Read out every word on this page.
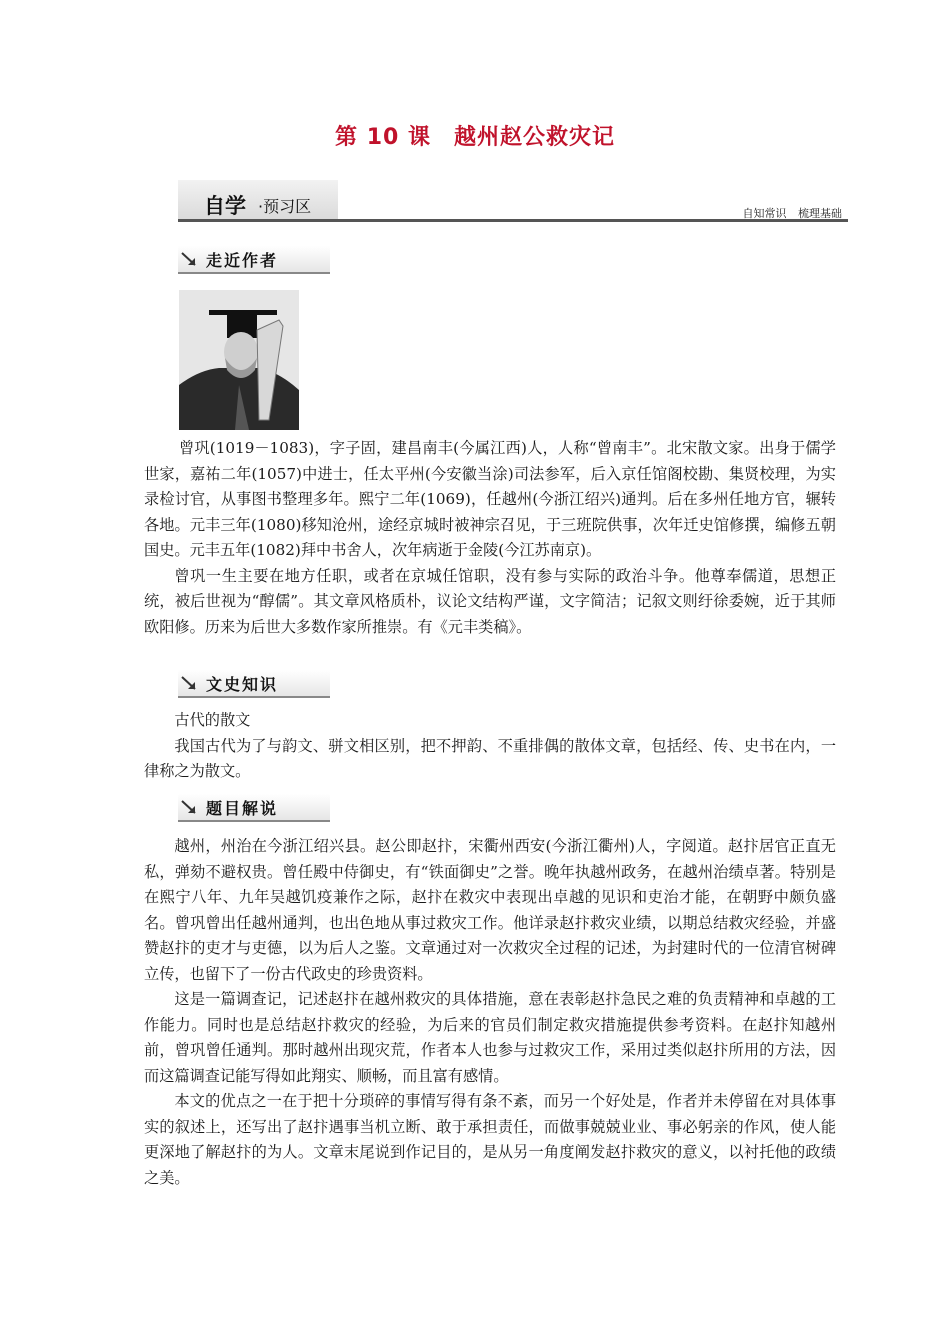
第 10 课　越州赵公救灾记
自学 ·预习区	自知常识 梳理基础
走近作者

曾巩(1019－1083)，字子固，建昌南丰(今属江西)人，人称“曾南丰”。北宋散文家。出身于儒学世家，嘉祐二年(1057)中进士，任太平州(今安徽当涂)司法参军，后入京任馆阁校勘、集贤校理，为实录检讨官，从事图书整理多年。熙宁二年(1069)，任越州(今浙江绍兴)通判。后在多州任地方官，辗转各地。元丰三年(1080)移知沧州，途经京城时被神宗召见，于三班院供事，次年迁史馆修撰，编修五朝国史。元丰五年(1082)拜中书舍人，次年病逝于金陵(今江苏南京)。

曾巩一生主要在地方任职，或者在京城任馆职，没有参与实际的政治斗争。他尊奉儒道，思想正统，被后世视为“醇儒”。其文章风格质朴，议论文结构严谨，文字简洁；记叙文则纡徐委婉，近于其师欧阳修。历来为后世大多数作家所推崇。有《元丰类稿》。

文史知识

古代的散文

我国古代为了与韵文、骈文相区别，把不押韵、不重排偶的散体文章，包括经、传、史书在内，一律称之为散文。

题目解说

越州，州治在今浙江绍兴县。赵公即赵抃，宋衢州西安(今浙江衢州)人，字阅道。赵抃居官正直无私，弹劾不避权贵。曾任殿中侍御史，有“铁面御史”之誉。晚年执越州政务，在越州治绩卓著。特别是在熙宁八年、九年吴越饥疫兼作之际，赵抃在救灾中表现出卓越的见识和吏治才能，在朝野中颇负盛名。曾巩曾出任越州通判，也出色地从事过救灾工作。他详录赵抃救灾业绩，以期总结救灾经验，并盛赞赵抃的吏才与吏德，以为后人之鉴。文章通过对一次救灾全过程的记述，为封建时代的一位清官树碑立传，也留下了一份古代政史的珍贵资料。

这是一篇调查记，记述赵抃在越州救灾的具体措施，意在表彰赵抃急民之难的负责精神和卓越的工作能力。同时也是总结赵抃救灾的经验，为后来的官员们制定救灾措施提供参考资料。在赵抃知越州前，曾巩曾任通判。那时越州出现灾荒，作者本人也参与过救灾工作，采用过类似赵抃所用的方法，因而这篇调查记能写得如此翔实、顺畅，而且富有感情。

本文的优点之一在于把十分琐碎的事情写得有条不紊，而另一个好处是，作者并未停留在对具体事实的叙述上，还写出了赵抃遇事当机立断、敢于承担责任，而做事兢兢业业、事必躬亲的作风，使人能更深地了解赵抃的为人。文章末尾说到作记目的，是从另一角度阐发赵抃救灾的意义，以衬托他的政绩之美。
